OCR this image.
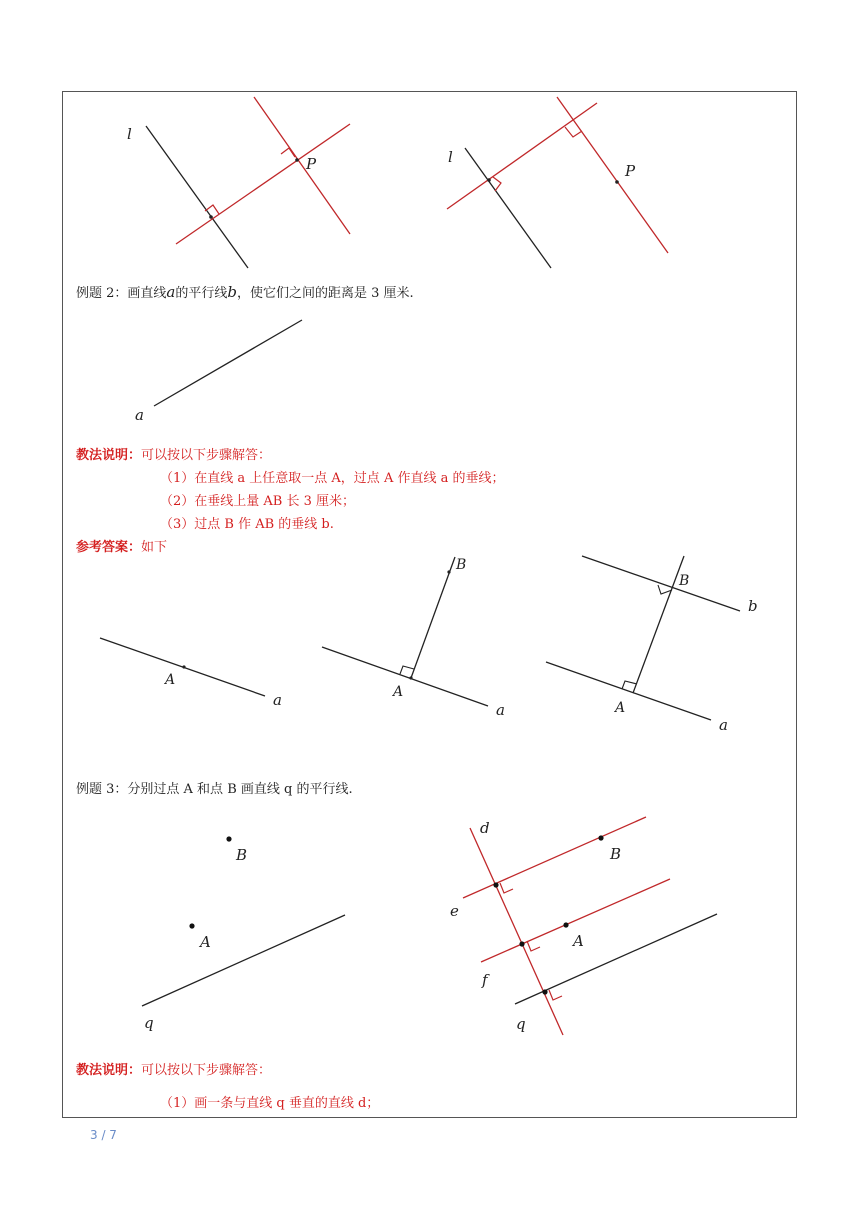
l
P	l
P
a
A
a
B
A
a
B
b
A
a
B
A
q
d
B
e
A
f
q
例题 2：画直线a的平行线b，使它们之间的距离是 3 厘米.
教法说明：可以按以下步骤解答：
（1）在直线 a 上任意取一点 A，过点 A 作直线 a 的垂线；
（2）在垂线上量 AB 长 3 厘米；
（3）过点 B 作 AB 的垂线 b.
参考答案：如下
例题 3：分别过点 A 和点 B 画直线 q 的平行线.
教法说明：可以按以下步骤解答：
（1）画一条与直线 q 垂直的直线 d；
3 / 7
